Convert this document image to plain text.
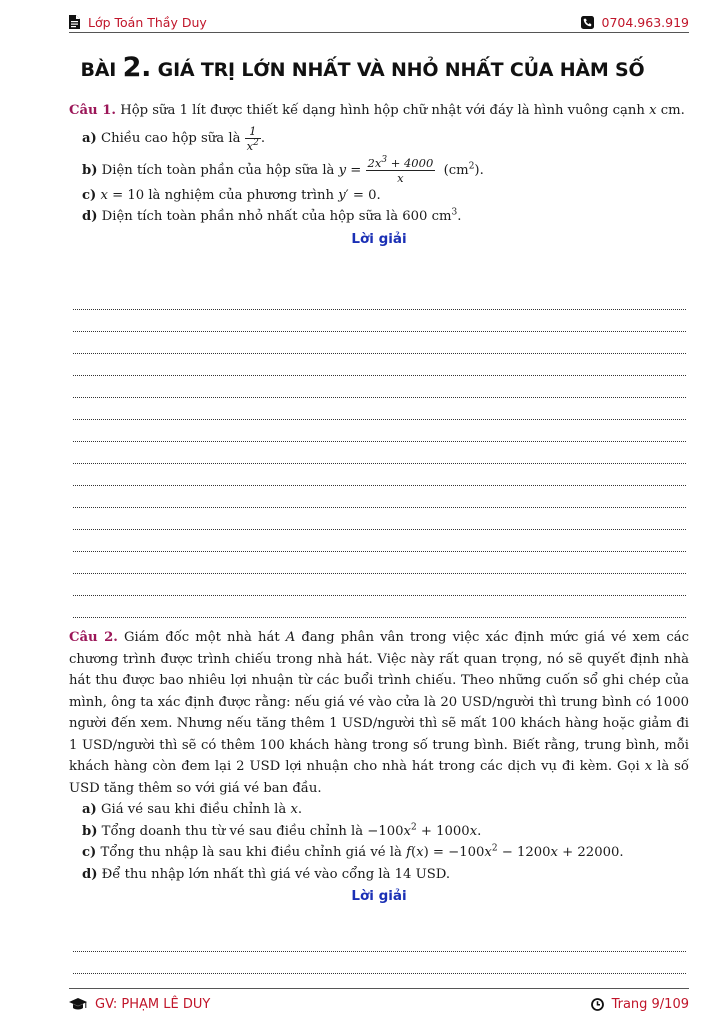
Lớp Toán Thầy Duy	0704.963.919
BÀI 2. GIÁ TRỊ LỚN NHẤT VÀ NHỎ NHẤT CỦA HÀM SỐ

Câu 1. Hộp sữa 1 lít được thiết kế dạng hình hộp chữ nhật với đáy là hình vuông cạnh x cm.

a) Chiều cao hộp sữa là $\frac{1}{x^2}$ .
b) Diện tích toàn phần của hộp sữa là $y = \frac{2x^3 + 4000}{x} (cm^2)$.
c) x = 10 là nghiệm của phương trình y′ = 0.
d) Diện tích toàn phần nhỏ nhất của hộp sữa là 600 $cm^3$.
Lời giải

Câu 2. Giám đốc một nhà hát A đang phân vân trong việc xác định mức giá vé xem các chương trình được trình chiếu trong nhà hát. Việc này rất quan trọng, nó sẽ quyết định nhà hát thu được bao nhiêu lợi nhuận từ các buổi trình chiếu. Theo những cuốn sổ ghi chép của mình, ông ta xác định được rằng: nếu giá vé vào cửa là 20 USD/người thì trung bình có 1000 người đến xem. Nhưng nếu tăng thêm 1 USD/người thì sẽ mất 100 khách hàng hoặc giảm đi 1 USD/người thì sẽ có thêm 100 khách hàng trong số trung bình. Biết rằng, trung bình, mỗi khách hàng còn đem lại 2 USD lợi nhuận cho nhà hát trong các dịch vụ đi kèm. Gọi x là số USD tăng thêm so với giá vé ban đầu.

a) Giá vé sau khi điều chỉnh là x.
b) Tổng doanh thu từ vé sau điều chỉnh là $-100x^2 + 1000x$.
c) Tổng thu nhập là sau khi điều chỉnh giá vé là $f(x) = -100x^2 - 1200x + 22000$.
d) Để thu nhập lớn nhất thì giá vé vào cổng là 14 USD.
Lời giải
GV: PHẠM LÊ DUY	Trang 9/109
